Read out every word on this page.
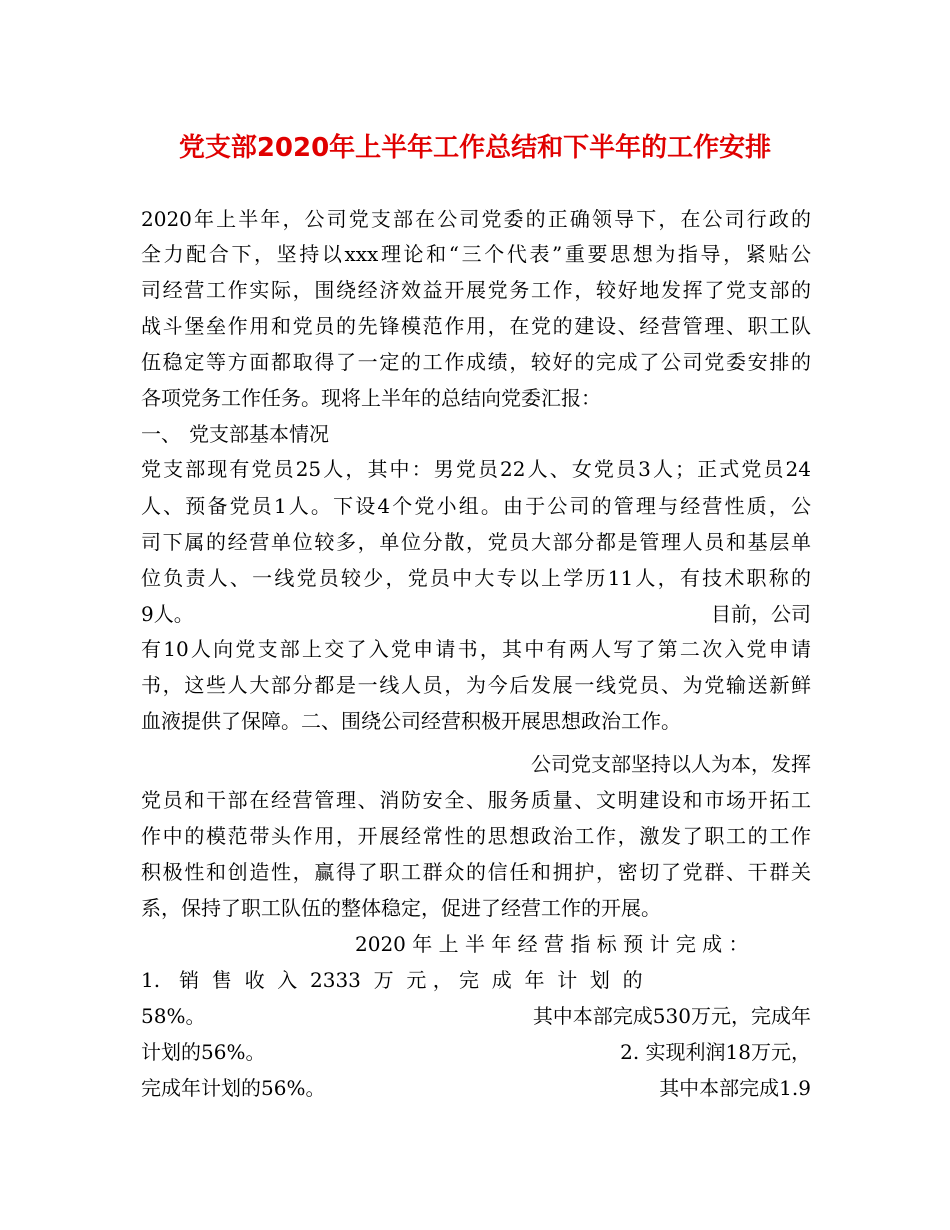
党支部2020年上半年工作总结和下半年的工作安排
2020年上半年，公司党支部在公司党委的正确领导下，在公司行政的
全力配合下，坚持以xxx理论和“三个代表”重要思想为指导，紧贴公
司经营工作实际，围绕经济效益开展党务工作，较好地发挥了党支部的
战斗堡垒作用和党员的先锋模范作用，在党的建设、经营管理、职工队
伍稳定等方面都取得了一定的工作成绩，较好的完成了公司党委安排的
各项党务工作任务。现将上半年的总结向党委汇报：
一、 党支部基本情况
党支部现有党员25人，其中：男党员22人、女党员3人；正式党员24
人、预备党员1人。下设4个党小组。由于公司的管理与经营性质，公
司下属的经营单位较多，单位分散，党员大部分都是管理人员和基层单
位负责人、一线党员较少，党员中大专以上学历11人，有技术职称的
9人。	目前，公司
有10人向党支部上交了入党申请书，其中有两人写了第二次入党申请
书，这些人大部分都是一线人员，为今后发展一线党员、为党输送新鲜
血液提供了保障。二、围绕公司经营积极开展思想政治工作。
公司党支部坚持以人为本，发挥
党员和干部在经营管理、消防安全、服务质量、文明建设和市场开拓工
作中的模范带头作用，开展经常性的思想政治工作，激发了职工的工作
积极性和创造性，赢得了职工群众的信任和拥护，密切了党群、干群关
系，保持了职工队伍的整体稳定，促进了经营工作的开展。
2020 年 上 半 年 经 营 指 标 预 计 完 成 ：
1.   销  售  收  入  2333  万  元 ， 完  成  年  计  划  的
58%。	其中本部完成530万元，完成年
计划的56%。	2. 实现利润18万元，
完成年计划的56%。	其中本部完成1.9
